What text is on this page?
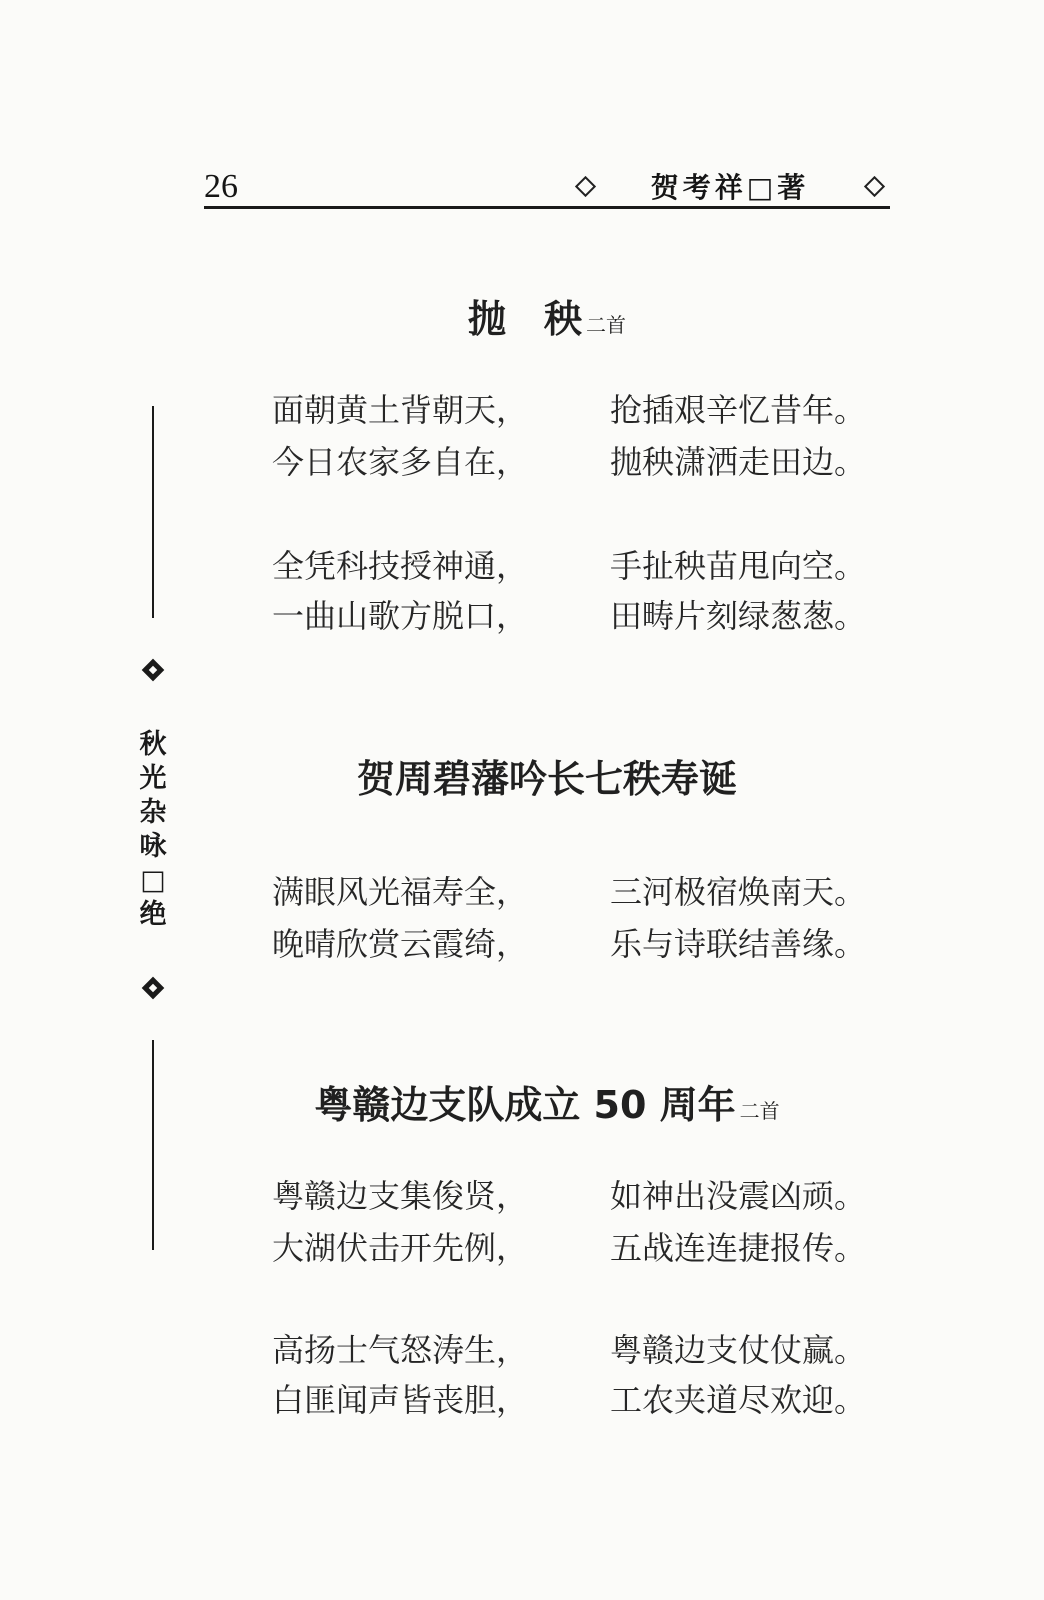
26	贺考祥□著
秋光杂咏□绝
抛　秧 二首
面朝黄土背朝天，	抢插艰辛忆昔年。
今日农家多自在，	抛秧潇洒走田边。
全凭科技授神通，	手扯秧苗甩向空。
一曲山歌方脱口，	田畴片刻绿葱葱。
贺周碧藩吟长七秩寿诞
满眼风光福寿全，	三河极宿焕南天。
晚晴欣赏云霞绮，	乐与诗联结善缘。
粤赣边支队成立 50 周年 二首
粤赣边支集俊贤，	如神出没震凶顽。
大湖伏击开先例，	五战连连捷报传。
高扬士气怒涛生，	粤赣边支仗仗赢。
白匪闻声皆丧胆，	工农夹道尽欢迎。
